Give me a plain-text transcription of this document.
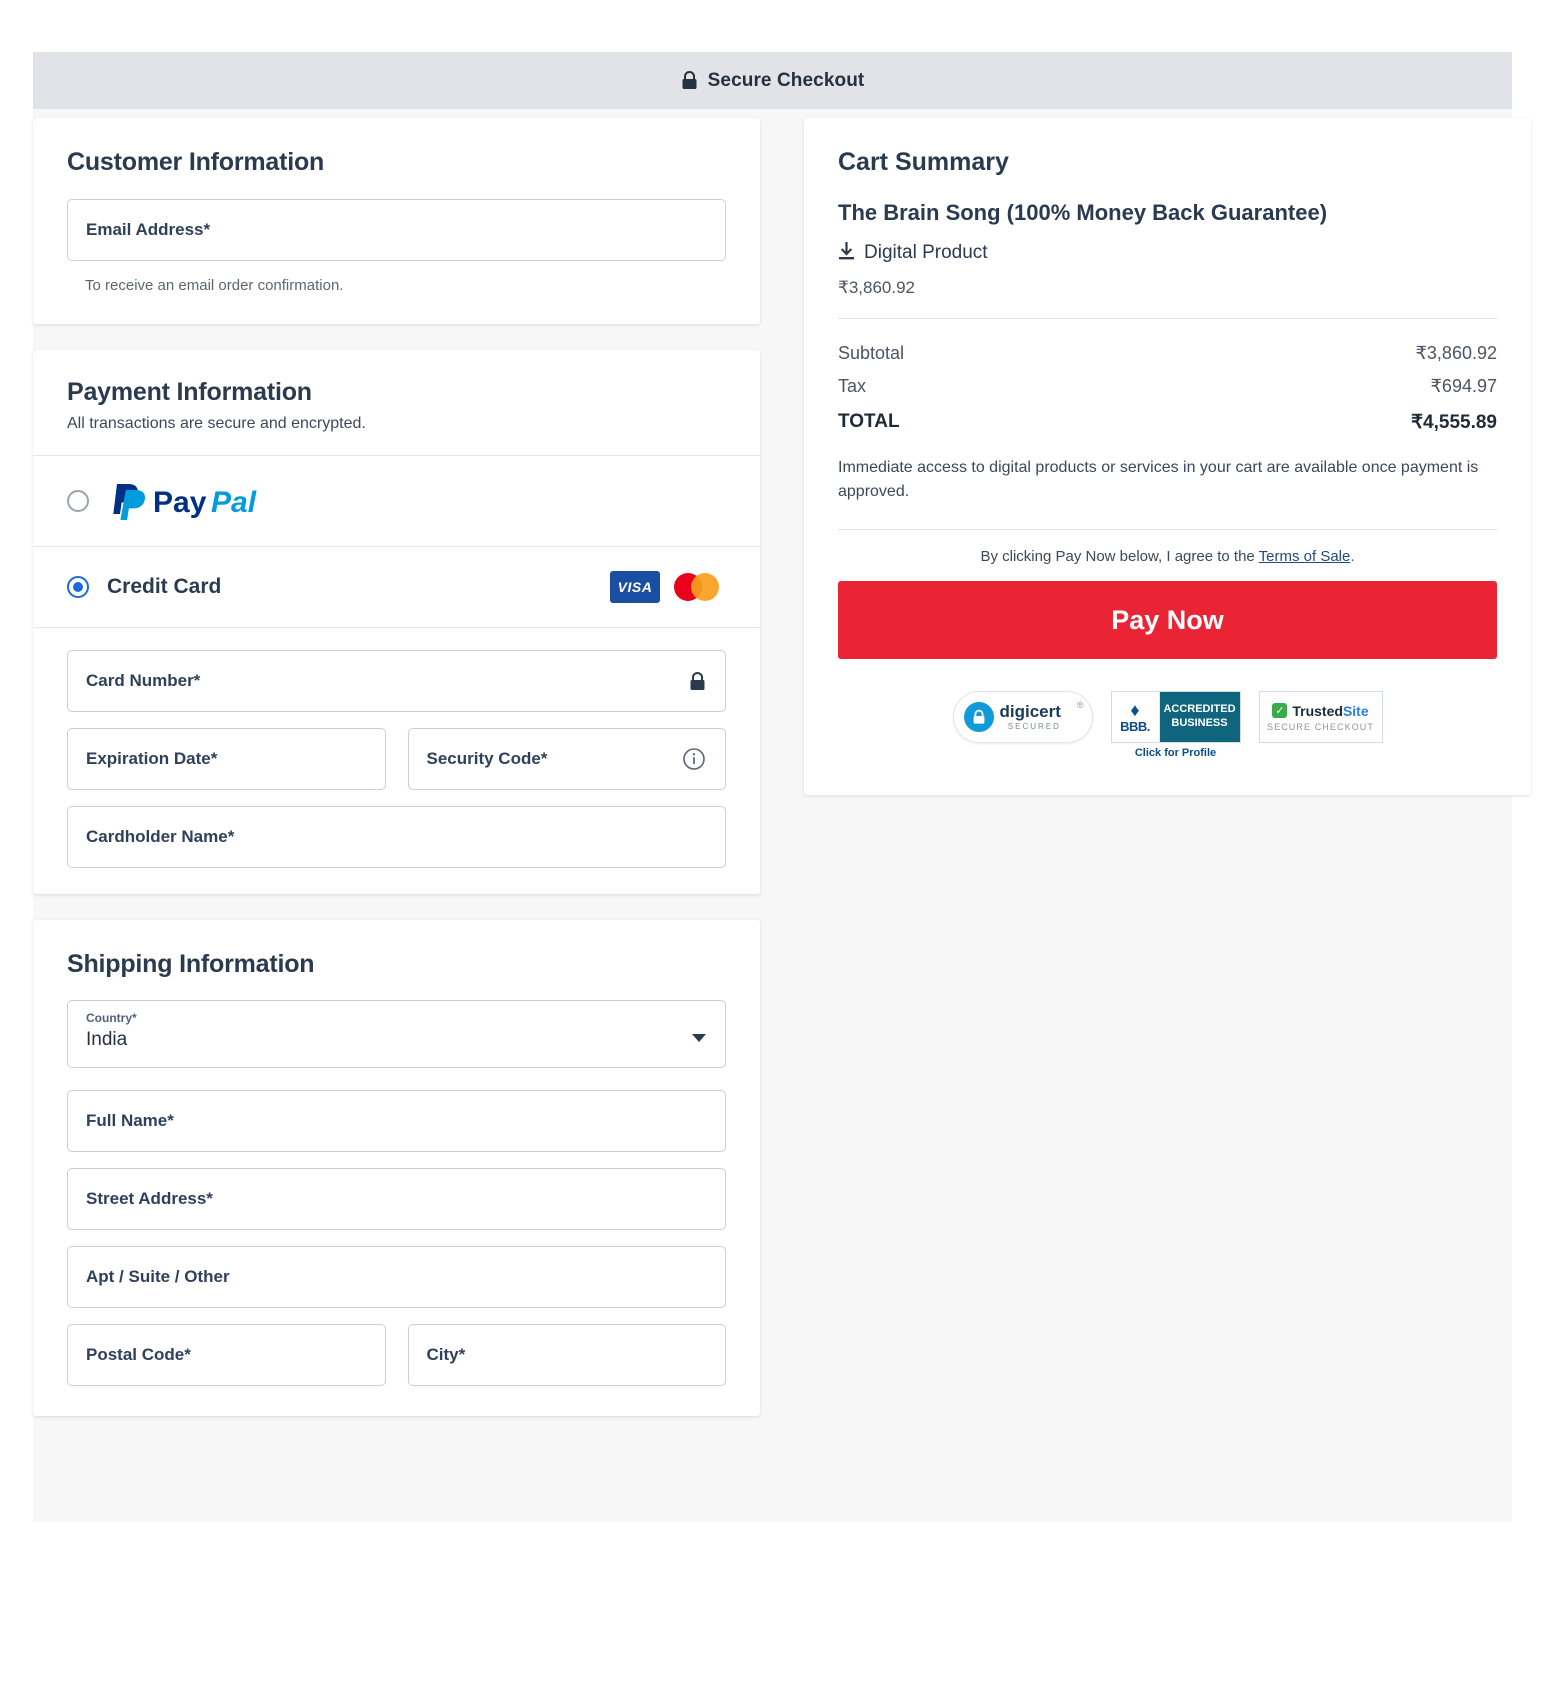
Secure Checkout
Customer Information
Email Address*
To receive an email order confirmation.
Payment Information
All transactions are secure and encrypted.
Pay Pal
Credit Card	VISA
Card Number*
Expiration Date*
Security Code*
Cardholder Name*
Shipping Information
Country*
India
Full Name*
Street Address*
Apt / Suite / Other
Postal Code*
City*
Cart Summary
The Brain Song (100% Money Back Guarantee)
Digital Product
₹3,860.92
Subtotal	₹3,860.92
Tax	₹694.97
TOTAL	₹4,555.89
Immediate access to digital products or services in your cart are available once payment is approved.
By clicking Pay Now below, I agree to the Terms of Sale.
Pay Now
digicert
SECURED
®	♦
BBB.
ACCREDITED
BUSINESS
Click for Profile
✓ TrustedSite
SECURE CHECKOUT
